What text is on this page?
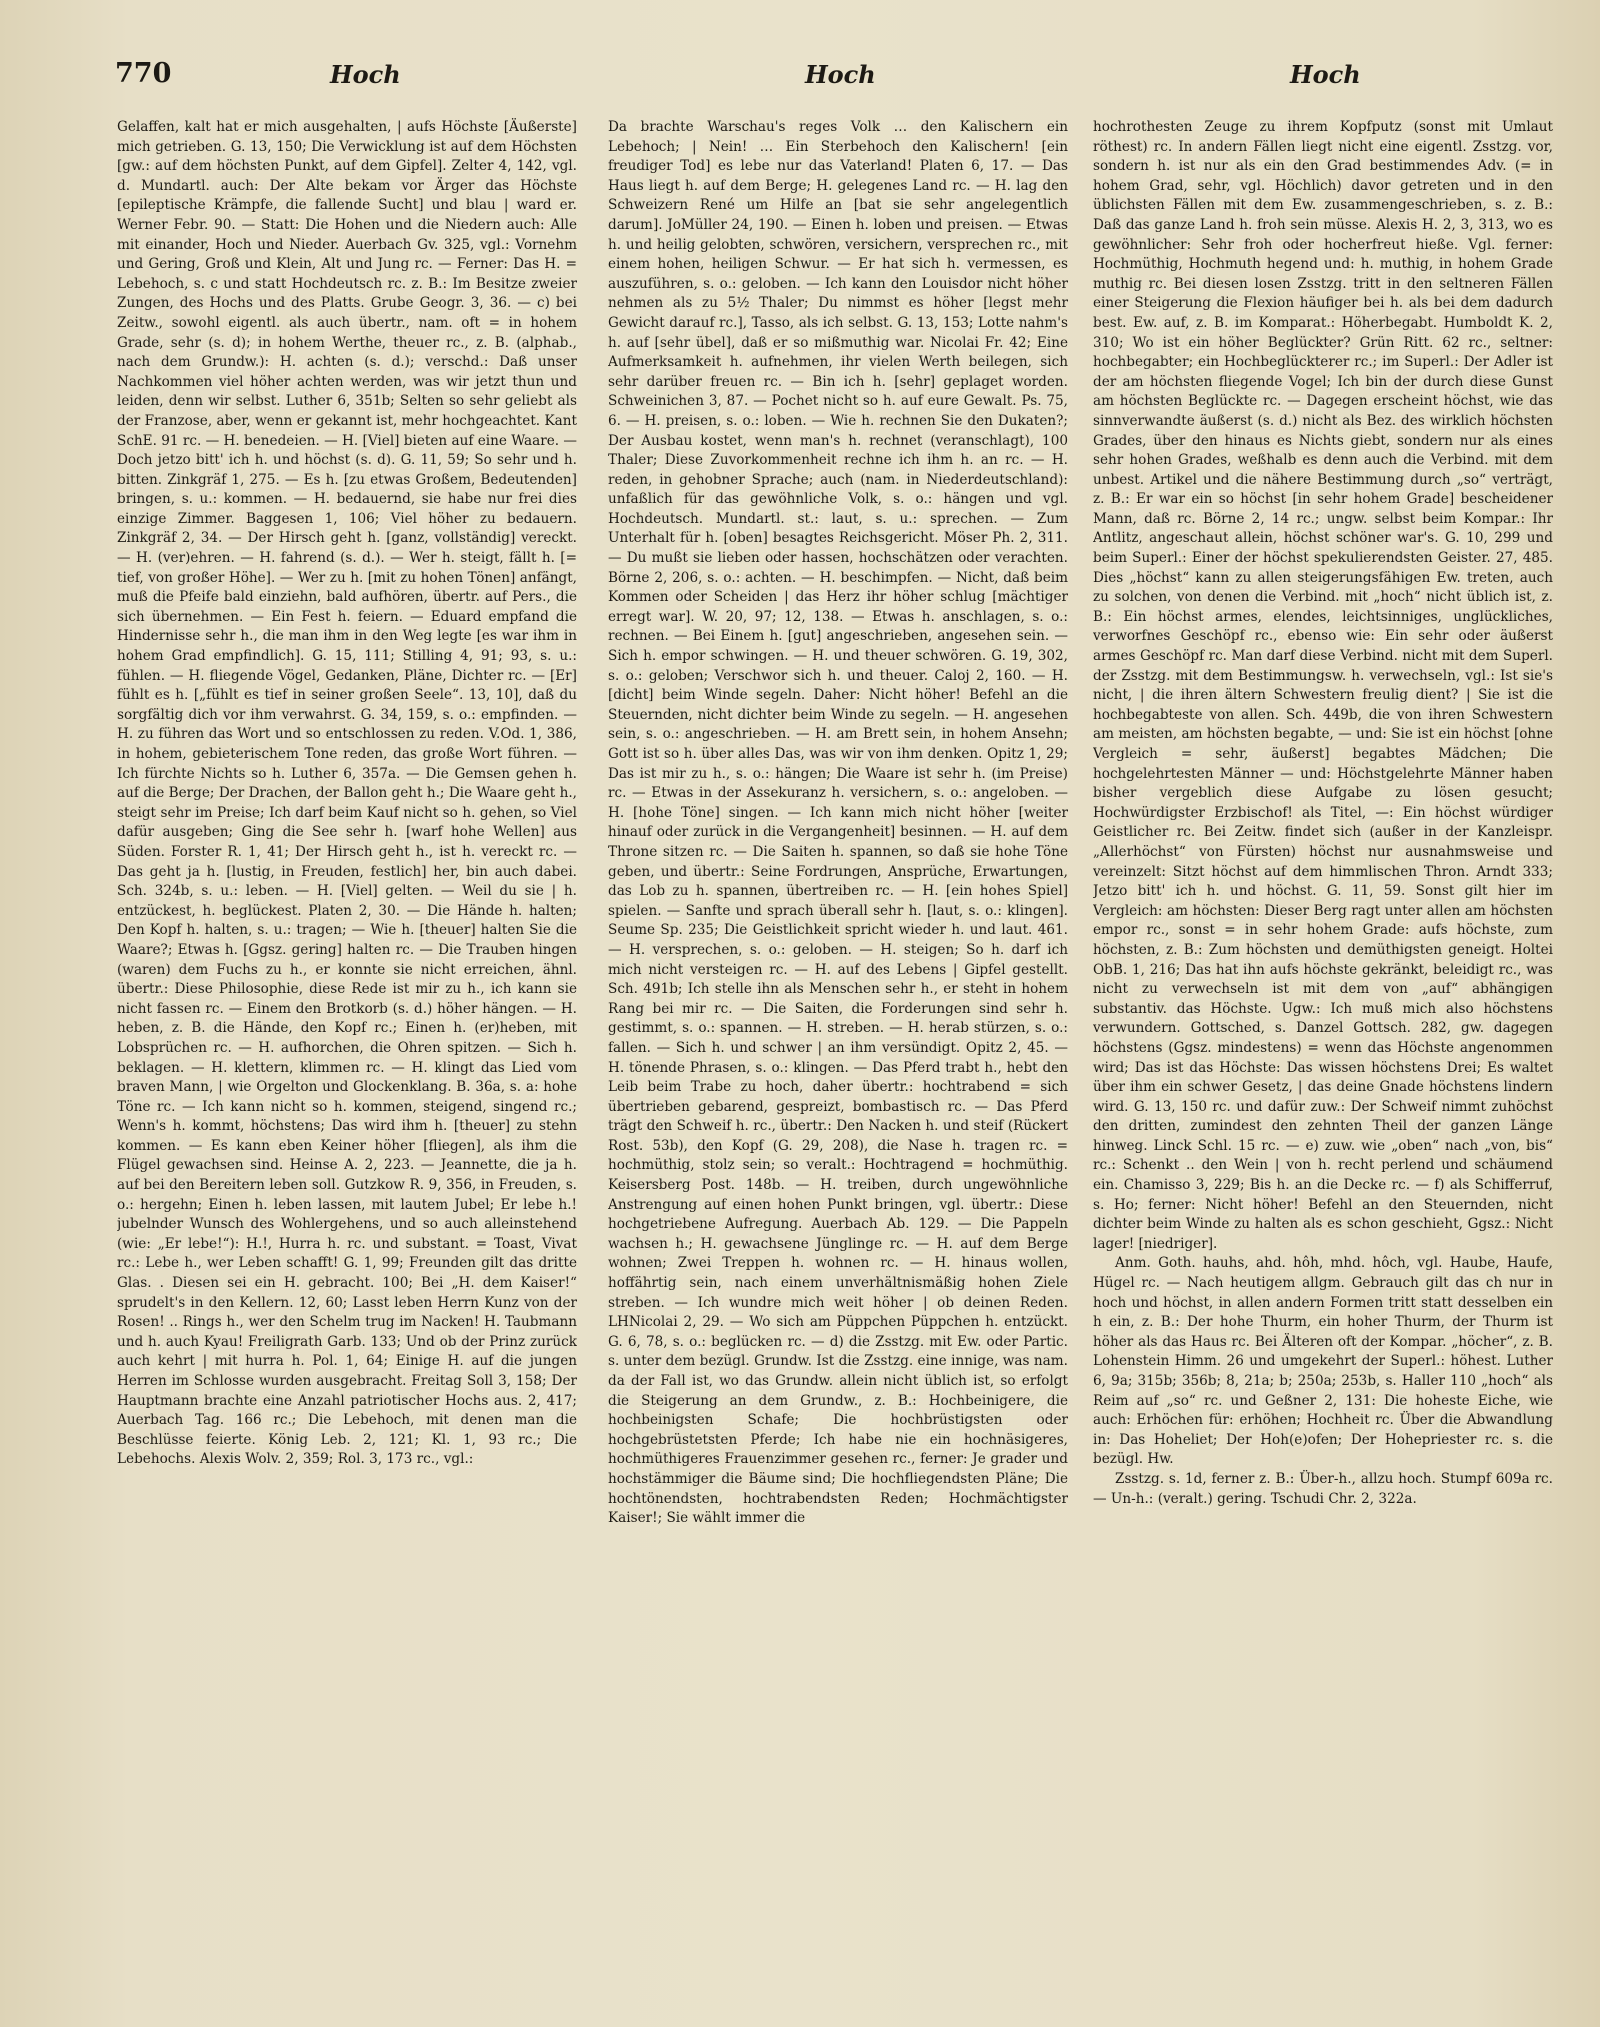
770	Hoch	Hoch	Hoch

Gelaffen, kalt hat er mich ausgehalten, | aufs Höchste [Äußerste] mich getrieben. G. 13, 150; Die Verwicklung ist auf dem Höchsten [gw.: auf dem höchsten Punkt, auf dem Gipfel]. Zelter 4, 142, vgl. d. Mundartl. auch: Der Alte bekam vor Ärger das Höchste [epileptische Krämpfe, die fallende Sucht] und blau | ward er. Werner Febr. 90. — Statt: Die Hohen und die Niedern auch: Alle mit einander, Hoch und Nieder. Auerbach Gv. 325, vgl.: Vornehm und Gering, Groß und Klein, Alt und Jung rc. — Ferner: Das H. = Lebehoch, s. c und statt Hochdeutsch rc. z. B.: Im Besitze zweier Zungen, des Hochs und des Platts. Grube Geogr. 3, 36. — c) bei Zeitw., sowohl eigentl. als auch übertr., nam. oft = in hohem Grade, sehr (s. d); in hohem Werthe, theuer rc., z. B. (alphab., nach dem Grundw.): H. achten (s. d.); verschd.: Daß unser Nachkommen viel höher achten werden, was wir jetzt thun und leiden, denn wir selbst. Luther 6, 351b; Selten so sehr geliebt als der Franzose, aber, wenn er gekannt ist, mehr hochgeachtet. Kant SchE. 91 rc. — H. benedeien. — H. [Viel] bieten auf eine Waare. — Doch jetzo bitt' ich h. und höchst (s. d). G. 11, 59; So sehr und h. bitten. Zinkgräf 1, 275. — Es h. [zu etwas Großem, Bedeutenden] bringen, s. u.: kommen. — H. bedauernd, sie habe nur frei dies einzige Zimmer. Baggesen 1, 106; Viel höher zu bedauern. Zinkgräf 2, 34. — Der Hirsch geht h. [ganz, vollständig] vereckt. — H. (ver)ehren. — H. fahrend (s. d.). — Wer h. steigt, fällt h. [= tief, von großer Höhe]. — Wer zu h. [mit zu hohen Tönen] anfängt, muß die Pfeife bald einziehn, bald aufhören, übertr. auf Pers., die sich übernehmen. — Ein Fest h. feiern. — Eduard empfand die Hindernisse sehr h., die man ihm in den Weg legte [es war ihm in hohem Grad empfindlich]. G. 15, 111; Stilling 4, 91; 93, s. u.: fühlen. — H. fliegende Vögel, Gedanken, Pläne, Dichter rc. — [Er] fühlt es h. [„fühlt es tief in seiner großen Seele“. 13, 10], daß du sorgfältig dich vor ihm verwahrst. G. 34, 159, s. o.: empfinden. — H. zu führen das Wort und so entschlossen zu reden. V.Od. 1, 386, in hohem, gebieterischem Tone reden, das große Wort führen. — Ich fürchte Nichts so h. Luther 6, 357a. — Die Gemsen gehen h. auf die Berge; Der Drachen, der Ballon geht h.; Die Waare geht h., steigt sehr im Preise; Ich darf beim Kauf nicht so h. gehen, so Viel dafür ausgeben; Ging die See sehr h. [warf hohe Wellen] aus Süden. Forster R. 1, 41; Der Hirsch geht h., ist h. vereckt rc. — Das geht ja h. [lustig, in Freuden, festlich] her, bin auch dabei. Sch. 324b, s. u.: leben. — H. [Viel] gelten. — Weil du sie | h. entzückest, h. beglückest. Platen 2, 30. — Die Hände h. halten; Den Kopf h. halten, s. u.: tragen; — Wie h. [theuer] halten Sie die Waare?; Etwas h. [Ggsz. gering] halten rc. — Die Trauben hingen (waren) dem Fuchs zu h., er konnte sie nicht erreichen, ähnl. übertr.: Diese Philosophie, diese Rede ist mir zu h., ich kann sie nicht fassen rc. — Einem den Brotkorb (s. d.) höher hängen. — H. heben, z. B. die Hände, den Kopf rc.; Einen h. (er)heben, mit Lobsprüchen rc. — H. aufhorchen, die Ohren spitzen. — Sich h. beklagen. — H. klettern, klimmen rc. — H. klingt das Lied vom braven Mann, | wie Orgelton und Glockenklang. B. 36a, s. a: hohe Töne rc. — Ich kann nicht so h. kommen, steigend, singend rc.; Wenn's h. kommt, höchstens; Das wird ihm h. [theuer] zu stehn kommen. — Es kann eben Keiner höher [fliegen], als ihm die Flügel gewachsen sind. Heinse A. 2, 223. — Jeannette, die ja h. auf bei den Bereitern leben soll. Gutzkow R. 9, 356, in Freuden, s. o.: hergehn; Einen h. leben lassen, mit lautem Jubel; Er lebe h.! jubelnder Wunsch des Wohlergehens, und so auch alleinstehend (wie: „Er lebe!“): H.!, Hurra h. rc. und substant. = Toast, Vivat rc.: Lebe h., wer Leben schafft! G. 1, 99; Freunden gilt das dritte Glas. . Diesen sei ein H. gebracht. 100; Bei „H. dem Kaiser!“ sprudelt's in den Kellern. 12, 60; Lasst leben Herrn Kunz von der Rosen! .. Rings h., wer den Schelm trug im Nacken! H. Taubmann und h. auch Kyau! Freiligrath Garb. 133; Und ob der Prinz zurück auch kehrt | mit hurra h. Pol. 1, 64; Einige H. auf die jungen Herren im Schlosse wurden ausgebracht. Freitag Soll 3, 158; Der Hauptmann brachte eine Anzahl patriotischer Hochs aus. 2, 417; Auerbach Tag. 166 rc.; Die Lebehoch, mit denen man die Beschlüsse feierte. König Leb. 2, 121; Kl. 1, 93 rc.; Die Lebehochs. Alexis Wolv. 2, 359; Rol. 3, 173 rc., vgl.:

Da brachte Warschau's reges Volk … den Kalischern ein Lebehoch; | Nein! … Ein Sterbehoch den Kalischern! [ein freudiger Tod] es lebe nur das Vaterland! Platen 6, 17. — Das Haus liegt h. auf dem Berge; H. gelegenes Land rc. — H. lag den Schweizern René um Hilfe an [bat sie sehr angelegentlich darum]. JoMüller 24, 190. — Einen h. loben und preisen. — Etwas h. und heilig gelobten, schwören, versichern, versprechen rc., mit einem hohen, heiligen Schwur. — Er hat sich h. vermessen, es auszuführen, s. o.: geloben. — Ich kann den Louisdor nicht höher nehmen als zu 5½ Thaler; Du nimmst es höher [legst mehr Gewicht darauf rc.], Tasso, als ich selbst. G. 13, 153; Lotte nahm's h. auf [sehr übel], daß er so mißmuthig war. Nicolai Fr. 42; Eine Aufmerksamkeit h. aufnehmen, ihr vielen Werth beilegen, sich sehr darüber freuen rc. — Bin ich h. [sehr] geplaget worden. Schweinichen 3, 87. — Pochet nicht so h. auf eure Gewalt. Ps. 75, 6. — H. preisen, s. o.: loben. — Wie h. rechnen Sie den Dukaten?; Der Ausbau kostet, wenn man's h. rechnet (veranschlagt), 100 Thaler; Diese Zuvorkommenheit rechne ich ihm h. an rc. — H. reden, in gehobner Sprache; auch (nam. in Niederdeutschland): unfaßlich für das gewöhnliche Volk, s. o.: hängen und vgl. Hochdeutsch. Mundartl. st.: laut, s. u.: sprechen. — Zum Unterhalt für h. [oben] besagtes Reichsgericht. Möser Ph. 2, 311. — Du mußt sie lieben oder hassen, hochschätzen oder verachten. Börne 2, 206, s. o.: achten. — H. beschimpfen. — Nicht, daß beim Kommen oder Scheiden | das Herz ihr höher schlug [mächtiger erregt war]. W. 20, 97; 12, 138. — Etwas h. anschlagen, s. o.: rechnen. — Bei Einem h. [gut] angeschrieben, angesehen sein. — Sich h. empor schwingen. — H. und theuer schwören. G. 19, 302, s. o.: geloben; Verschwor sich h. und theuer. Caloj 2, 160. — H. [dicht] beim Winde segeln. Daher: Nicht höher! Befehl an die Steuernden, nicht dichter beim Winde zu segeln. — H. angesehen sein, s. o.: angeschrieben. — H. am Brett sein, in hohem Ansehn; Gott ist so h. über alles Das, was wir von ihm denken. Opitz 1, 29; Das ist mir zu h., s. o.: hängen; Die Waare ist sehr h. (im Preise) rc. — Etwas in der Assekuranz h. versichern, s. o.: angeloben. — H. [hohe Töne] singen. — Ich kann mich nicht höher [weiter hinauf oder zurück in die Vergangenheit] besinnen. — H. auf dem Throne sitzen rc. — Die Saiten h. spannen, so daß sie hohe Töne geben, und übertr.: Seine Fordrungen, Ansprüche, Erwartungen, das Lob zu h. spannen, übertreiben rc. — H. [ein hohes Spiel] spielen. — Sanfte und sprach überall sehr h. [laut, s. o.: klingen]. Seume Sp. 235; Die Geistlichkeit spricht wieder h. und laut. 461. — H. versprechen, s. o.: geloben. — H. steigen; So h. darf ich mich nicht versteigen rc. — H. auf des Lebens | Gipfel gestellt. Sch. 491b; Ich stelle ihn als Menschen sehr h., er steht in hohem Rang bei mir rc. — Die Saiten, die Forderungen sind sehr h. gestimmt, s. o.: spannen. — H. streben. — H. herab stürzen, s. o.: fallen. — Sich h. und schwer | an ihm versündigt. Opitz 2, 45. — H. tönende Phrasen, s. o.: klingen. — Das Pferd trabt h., hebt den Leib beim Trabe zu hoch, daher übertr.: hochtrabend = sich übertrieben gebarend, gespreizt, bombastisch rc. — Das Pferd trägt den Schweif h. rc., übertr.: Den Nacken h. und steif (Rückert Rost. 53b), den Kopf (G. 29, 208), die Nase h. tragen rc. = hochmüthig, stolz sein; so veralt.: Hochtragend = hochmüthig. Keisersberg Post. 148b. — H. treiben, durch ungewöhnliche Anstrengung auf einen hohen Punkt bringen, vgl. übertr.: Diese hochgetriebene Aufregung. Auerbach Ab. 129. — Die Pappeln wachsen h.; H. gewachsene Jünglinge rc. — H. auf dem Berge wohnen; Zwei Treppen h. wohnen rc. — H. hinaus wollen, hoffährtig sein, nach einem unverhältnismäßig hohen Ziele streben. — Ich wundre mich weit höher | ob deinen Reden. LHNicolai 2, 29. — Wo sich am Püppchen Püppchen h. entzückt. G. 6, 78, s. o.: beglücken rc. — d) die Zsstzg. mit Ew. oder Partic. s. unter dem bezügl. Grundw. Ist die Zsstzg. eine innige, was nam. da der Fall ist, wo das Grundw. allein nicht üblich ist, so erfolgt die Steigerung an dem Grundw., z. B.: Hochbeinigere, die hochbeinigsten Schafe; Die hochbrüstigsten oder hochgebrüstetsten Pferde; Ich habe nie ein hochnäsigeres, hochmüthigeres Frauenzimmer gesehen rc., ferner: Je grader und hochstämmiger die Bäume sind; Die hochfliegendsten Pläne; Die hochtönendsten, hochtrabendsten Reden; Hochmächtigster Kaiser!; Sie wählt immer die

hochrothesten Zeuge zu ihrem Kopfputz (sonst mit Umlaut röthest) rc. In andern Fällen liegt nicht eine eigentl. Zsstzg. vor, sondern h. ist nur als ein den Grad bestimmendes Adv. (= in hohem Grad, sehr, vgl. Höchlich) davor getreten und in den üblichsten Fällen mit dem Ew. zusammengeschrieben, s. z. B.: Daß das ganze Land h. froh sein müsse. Alexis H. 2, 3, 313, wo es gewöhnlicher: Sehr froh oder hocherfreut hieße. Vgl. ferner: Hochmüthig, Hochmuth hegend und: h. muthig, in hohem Grade muthig rc. Bei diesen losen Zsstzg. tritt in den seltneren Fällen einer Steigerung die Flexion häufiger bei h. als bei dem dadurch best. Ew. auf, z. B. im Komparat.: Höherbegabt. Humboldt K. 2, 310; Wo ist ein höher Beglückter? Grün Ritt. 62 rc., seltner: hochbegabter; ein Hochbeglückterer rc.; im Superl.: Der Adler ist der am höchsten fliegende Vogel; Ich bin der durch diese Gunst am höchsten Beglückte rc. — Dagegen erscheint höchst, wie das sinnverwandte äußerst (s. d.) nicht als Bez. des wirklich höchsten Grades, über den hinaus es Nichts giebt, sondern nur als eines sehr hohen Grades, weßhalb es denn auch die Verbind. mit dem unbest. Artikel und die nähere Bestimmung durch „so“ verträgt, z. B.: Er war ein so höchst [in sehr hohem Grade] bescheidener Mann, daß rc. Börne 2, 14 rc.; ungw. selbst beim Kompar.: Ihr Antlitz, angeschaut allein, höchst schöner war's. G. 10, 299 und beim Superl.: Einer der höchst spekulierendsten Geister. 27, 485. Dies „höchst“ kann zu allen steigerungsfähigen Ew. treten, auch zu solchen, von denen die Verbind. mit „hoch“ nicht üblich ist, z. B.: Ein höchst armes, elendes, leichtsinniges, unglückliches, verworfnes Geschöpf rc., ebenso wie: Ein sehr oder äußerst armes Geschöpf rc. Man darf diese Verbind. nicht mit dem Superl. der Zsstzg. mit dem Bestimmungsw. h. verwechseln, vgl.: Ist sie's nicht, | die ihren ältern Schwestern freulig dient? | Sie ist die hochbegabteste von allen. Sch. 449b, die von ihren Schwestern am meisten, am höchsten begabte, — und: Sie ist ein höchst [ohne Vergleich = sehr, äußerst] begabtes Mädchen; Die hochgelehrtesten Männer — und: Höchstgelehrte Männer haben bisher vergeblich diese Aufgabe zu lösen gesucht; Hochwürdigster Erzbischof! als Titel, —: Ein höchst würdiger Geistlicher rc. Bei Zeitw. findet sich (außer in der Kanzleispr. „Allerhöchst“ von Fürsten) höchst nur ausnahmsweise und vereinzelt: Sitzt höchst auf dem himmlischen Thron. Arndt 333; Jetzo bitt' ich h. und höchst. G. 11, 59. Sonst gilt hier im Vergleich: am höchsten: Dieser Berg ragt unter allen am höchsten empor rc., sonst = in sehr hohem Grade: aufs höchste, zum höchsten, z. B.: Zum höchsten und demüthigsten geneigt. Holtei ObB. 1, 216; Das hat ihn aufs höchste gekränkt, beleidigt rc., was nicht zu verwechseln ist mit dem von „auf“ abhängigen substantiv. das Höchste. Ugw.: Ich muß mich also höchstens verwundern. Gottsched, s. Danzel Gottsch. 282, gw. dagegen höchstens (Ggsz. mindestens) = wenn das Höchste angenommen wird; Das ist das Höchste: Das wissen höchstens Drei; Es waltet über ihm ein schwer Gesetz, | das deine Gnade höchstens lindern wird. G. 13, 150 rc. und dafür zuw.: Der Schweif nimmt zuhöchst den dritten, zumindest den zehnten Theil der ganzen Länge hinweg. Linck Schl. 15 rc. — e) zuw. wie „oben“ nach „von, bis“ rc.: Schenkt .. den Wein | von h. recht perlend und schäumend ein. Chamisso 3, 229; Bis h. an die Decke rc. — f) als Schifferruf, s. Ho; ferner: Nicht höher! Befehl an den Steuernden, nicht dichter beim Winde zu halten als es schon geschieht, Ggsz.: Nicht lager! [niedriger].

Anm. Goth. hauhs, ahd. hôh, mhd. hôch, vgl. Haube, Haufe, Hügel rc. — Nach heutigem allgm. Gebrauch gilt das ch nur in hoch und höchst, in allen andern Formen tritt statt desselben ein h ein, z. B.: Der hohe Thurm, ein hoher Thurm, der Thurm ist höher als das Haus rc. Bei Älteren oft der Kompar. „höcher“, z. B. Lohenstein Himm. 26 und umgekehrt der Superl.: höhest. Luther 6, 9a; 315b; 356b; 8, 21a; b; 250a; 253b, s. Haller 110 „hoch“ als Reim auf „so“ rc. und Geßner 2, 131: Die hoheste Eiche, wie auch: Erhöchen für: erhöhen; Hochheit rc. Über die Abwandlung in: Das Hoheliet; Der Hoh(e)ofen; Der Hohepriester rc. s. die bezügl. Hw.

Zsstzg. s. 1d, ferner z. B.: Über-h., allzu hoch. Stumpf 609a rc. — Un-h.: (veralt.) gering. Tschudi Chr. 2, 322a.
